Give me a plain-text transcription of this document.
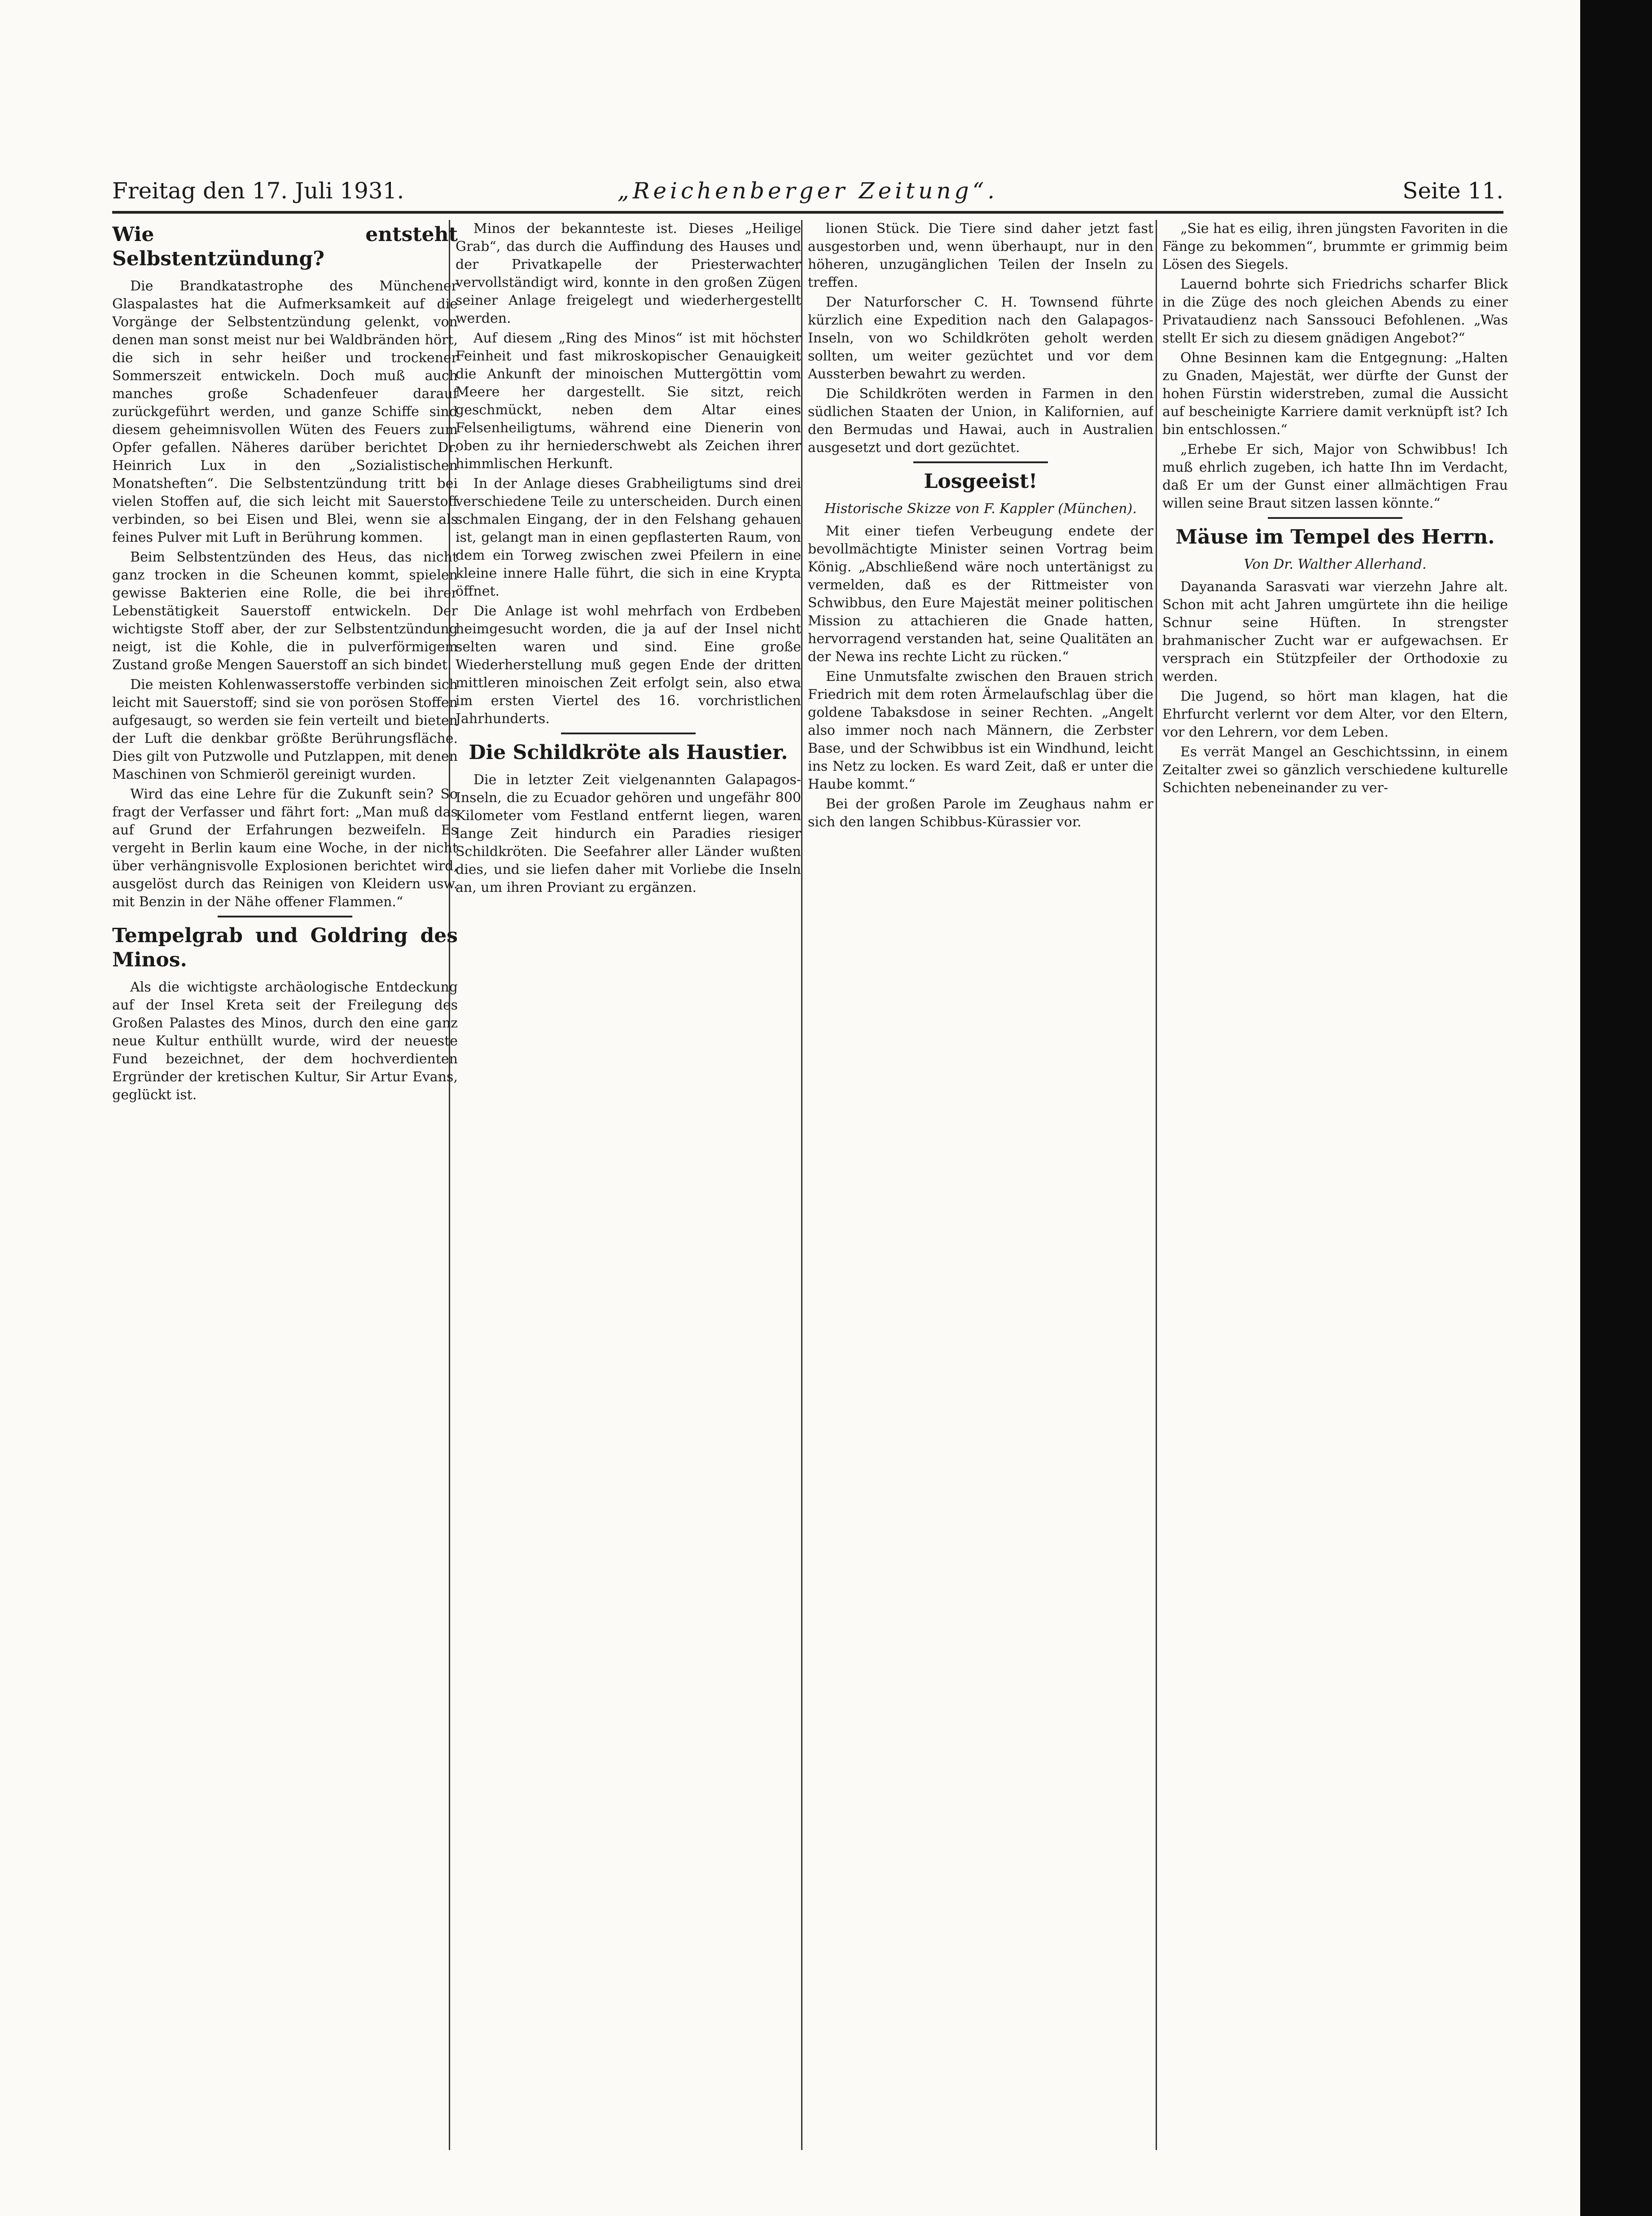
Freitag den 17. Juli 1931.	„Reichenberger Zeitung“.	Seite 11.
Wie entsteht Selbstentzündung?

Die Brandkatastrophe des Münchener Glaspalastes hat die Aufmerksamkeit auf die Vorgänge der Selbstentzündung gelenkt, von denen man sonst meist nur bei Waldbränden hört, die sich in sehr heißer und trockener Sommerszeit entwickeln. Doch muß auch manches große Schadenfeuer darauf zurückgeführt werden, und ganze Schiffe sind diesem geheimnisvollen Wüten des Feuers zum Opfer gefallen. Näheres darüber berichtet Dr. Heinrich Lux in den „Sozialistischen Monatsheften“. Die Selbstentzündung tritt bei vielen Stoffen auf, die sich leicht mit Sauerstoff verbinden, so bei Eisen und Blei, wenn sie als feines Pulver mit Luft in Berührung kommen.

Beim Selbstentzünden des Heus, das nicht ganz trocken in die Scheunen kommt, spielen gewisse Bakterien eine Rolle, die bei ihrer Lebenstätigkeit Sauerstoff entwickeln. Der wichtigste Stoff aber, der zur Selbstentzündung neigt, ist die Kohle, die in pulverförmigem Zustand große Mengen Sauerstoff an sich bindet.

Die meisten Kohlenwasserstoffe verbinden sich leicht mit Sauerstoff; sind sie von porösen Stoffen aufgesaugt, so werden sie fein verteilt und bieten der Luft die denkbar größte Berührungsfläche. Dies gilt von Putzwolle und Putzlappen, mit denen Maschinen von Schmieröl gereinigt wurden.

Wird das eine Lehre für die Zukunft sein? So fragt der Verfasser und fährt fort: „Man muß das auf Grund der Erfahrungen bezweifeln. Es vergeht in Berlin kaum eine Woche, in der nicht über verhängnisvolle Explosionen berichtet wird, ausgelöst durch das Reinigen von Kleidern usw. mit Benzin in der Nähe offener Flammen.“

Tempelgrab und Goldring des Minos.

Als die wichtigste archäologische Entdeckung auf der Insel Kreta seit der Freilegung des Großen Palastes des Minos, durch den eine ganz neue Kultur enthüllt wurde, wird der neueste Fund bezeichnet, der dem hochverdienten Ergründer der kretischen Kultur, Sir Artur Evans, geglückt ist.

Minos der bekannteste ist. Dieses „Heilige Grab“, das durch die Auffindung des Hauses und der Privatkapelle der Priesterwachter vervollständigt wird, konnte in den großen Zügen seiner Anlage freigelegt und wiederhergestellt werden.

Auf diesem „Ring des Minos“ ist mit höchster Feinheit und fast mikroskopischer Genauigkeit die Ankunft der minoischen Muttergöttin vom Meere her dargestellt. Sie sitzt, reich geschmückt, neben dem Altar eines Felsenheiligtums, während eine Dienerin von oben zu ihr herniederschwebt als Zeichen ihrer himmlischen Herkunft.

In der Anlage dieses Grabheiligtums sind drei verschiedene Teile zu unterscheiden. Durch einen schmalen Eingang, der in den Felshang gehauen ist, gelangt man in einen gepflasterten Raum, von dem ein Torweg zwischen zwei Pfeilern in eine kleine innere Halle führt, die sich in eine Krypta öffnet.

Die Anlage ist wohl mehrfach von Erdbeben heimgesucht worden, die ja auf der Insel nicht selten waren und sind. Eine große Wiederherstellung muß gegen Ende der dritten mittleren minoischen Zeit erfolgt sein, also etwa im ersten Viertel des 16. vorchristlichen Jahrhunderts.

Die Schildkröte als Haustier.

Die in letzter Zeit vielgenannten Galapagos-Inseln, die zu Ecuador gehören und ungefähr 800 Kilometer vom Festland entfernt liegen, waren lange Zeit hindurch ein Paradies riesiger Schildkröten. Die Seefahrer aller Länder wußten dies, und sie liefen daher mit Vorliebe die Inseln an, um ihren Proviant zu ergänzen.

lionen Stück. Die Tiere sind daher jetzt fast ausgestorben und, wenn überhaupt, nur in den höheren, unzugänglichen Teilen der Inseln zu treffen.

Der Naturforscher C. H. Townsend führte kürzlich eine Expedition nach den Galapagos-Inseln, von wo Schildkröten geholt werden sollten, um weiter gezüchtet und vor dem Aussterben bewahrt zu werden.

Die Schildkröten werden in Farmen in den südlichen Staaten der Union, in Kalifornien, auf den Bermudas und Hawai, auch in Australien ausgesetzt und dort gezüchtet.

Losgeeist!
Historische Skizze von F. Kappler (München).

Mit einer tiefen Verbeugung endete der bevollmächtigte Minister seinen Vortrag beim König. „Abschließend wäre noch untertänigst zu vermelden, daß es der Rittmeister von Schwibbus, den Eure Majestät meiner politischen Mission zu attachieren die Gnade hatten, hervorragend verstanden hat, seine Qualitäten an der Newa ins rechte Licht zu rücken.“

Eine Unmutsfalte zwischen den Brauen strich Friedrich mit dem roten Ärmelaufschlag über die goldene Tabaksdose in seiner Rechten. „Angelt also immer noch nach Männern, die Zerbster Base, und der Schwibbus ist ein Windhund, leicht ins Netz zu locken. Es ward Zeit, daß er unter die Haube kommt.“

Bei der großen Parole im Zeughaus nahm er sich den langen Schibbus-Kürassier vor.

„Sie hat es eilig, ihren jüngsten Favoriten in die Fänge zu bekommen“, brummte er grimmig beim Lösen des Siegels.

Lauernd bohrte sich Friedrichs scharfer Blick in die Züge des noch gleichen Abends zu einer Privataudienz nach Sanssouci Befohlenen. „Was stellt Er sich zu diesem gnädigen Angebot?“

Ohne Besinnen kam die Entgegnung: „Halten zu Gnaden, Majestät, wer dürfte der Gunst der hohen Fürstin widerstreben, zumal die Aussicht auf bescheinigte Karriere damit verknüpft ist? Ich bin entschlossen.“

„Erhebe Er sich, Major von Schwibbus! Ich muß ehrlich zugeben, ich hatte Ihn im Verdacht, daß Er um der Gunst einer allmächtigen Frau willen seine Braut sitzen lassen könnte.“

Mäuse im Tempel des Herrn.
Von Dr. Walther Allerhand.

Dayananda Sarasvati war vierzehn Jahre alt. Schon mit acht Jahren umgürtete ihn die heilige Schnur seine Hüften. In strengster brahmanischer Zucht war er aufgewachsen. Er versprach ein Stützpfeiler der Orthodoxie zu werden.

Die Jugend, so hört man klagen, hat die Ehrfurcht verlernt vor dem Alter, vor den Eltern, vor den Lehrern, vor dem Leben.

Es verrät Mangel an Geschichtssinn, in einem Zeitalter zwei so gänzlich verschiedene kulturelle Schichten nebeneinander zu ver-
